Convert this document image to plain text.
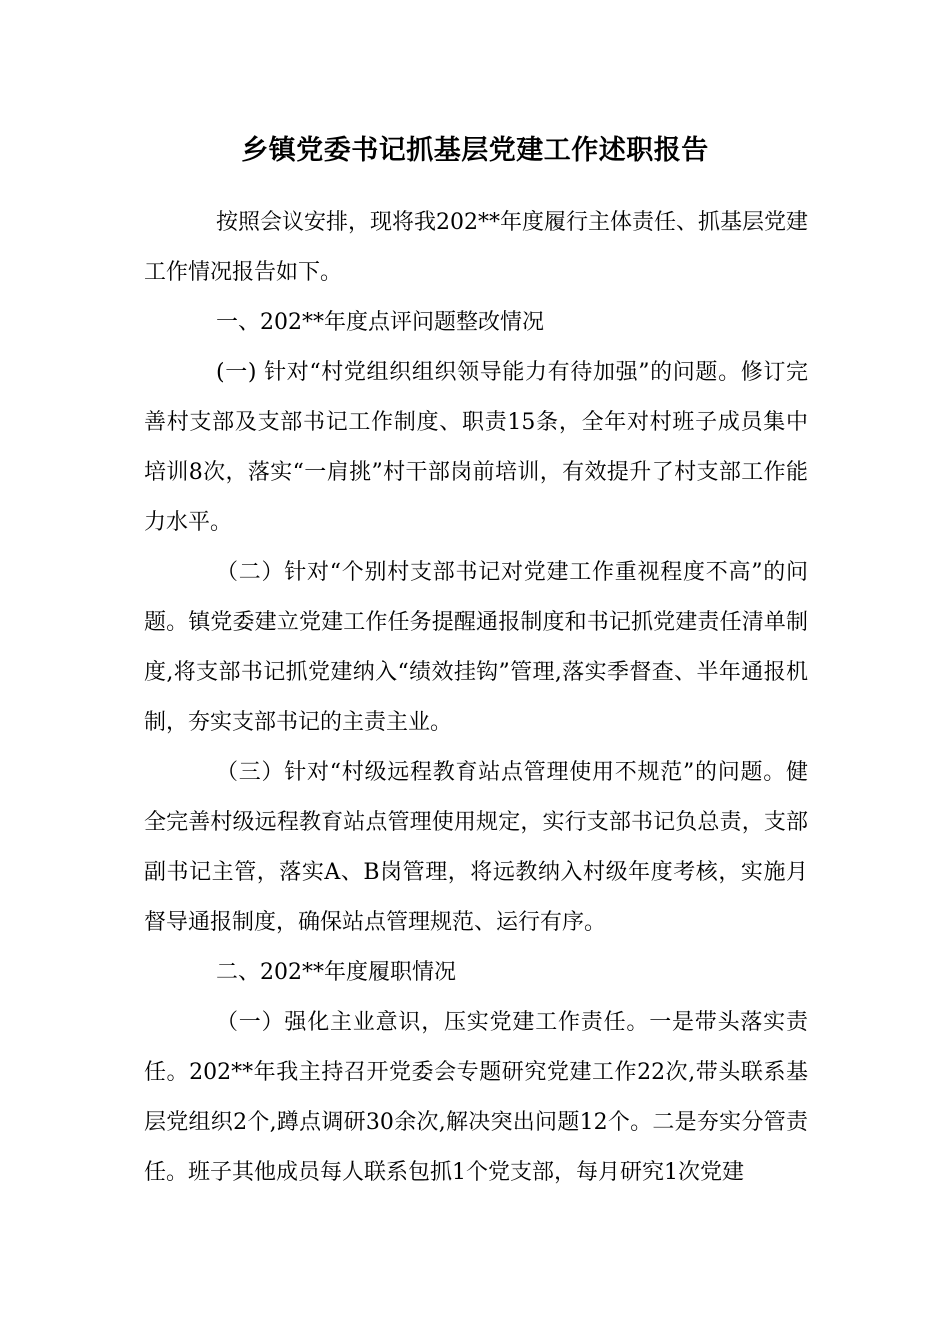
乡镇党委书记抓基层党建工作述职报告

按照会议安排，现将我202**年度履行主体责任、抓基层党建工作情况报告如下。

一、202**年度点评问题整改情况

(一) 针对“村党组织组织领导能力有待加强”的问题。修订完善村支部及支部书记工作制度、职责15条，全年对村班子成员集中培训8次，落实“一肩挑”村干部岗前培训，有效提升了村支部工作能力水平。

（二）针对“个别村支部书记对党建工作重视程度不高”的问题。镇党委建立党建工作任务提醒通报制度和书记抓党建责任清单制度,将支部书记抓党建纳入“绩效挂钩”管理,落实季督查、半年通报机制，夯实支部书记的主责主业。

（三）针对“村级远程教育站点管理使用不规范”的问题。健全完善村级远程教育站点管理使用规定，实行支部书记负总责，支部副书记主管，落实A、B岗管理，将远教纳入村级年度考核，实施月督导通报制度，确保站点管理规范、运行有序。

二、202**年度履职情况

（一）强化主业意识，压实党建工作责任。一是带头落实责任。202**年我主持召开党委会专题研究党建工作22次,带头联系基层党组织2个,蹲点调研30余次,解决突出问题12个。二是夯实分管责任。班子其他成员每人联系包抓1个党支部，每月研究1次党建
